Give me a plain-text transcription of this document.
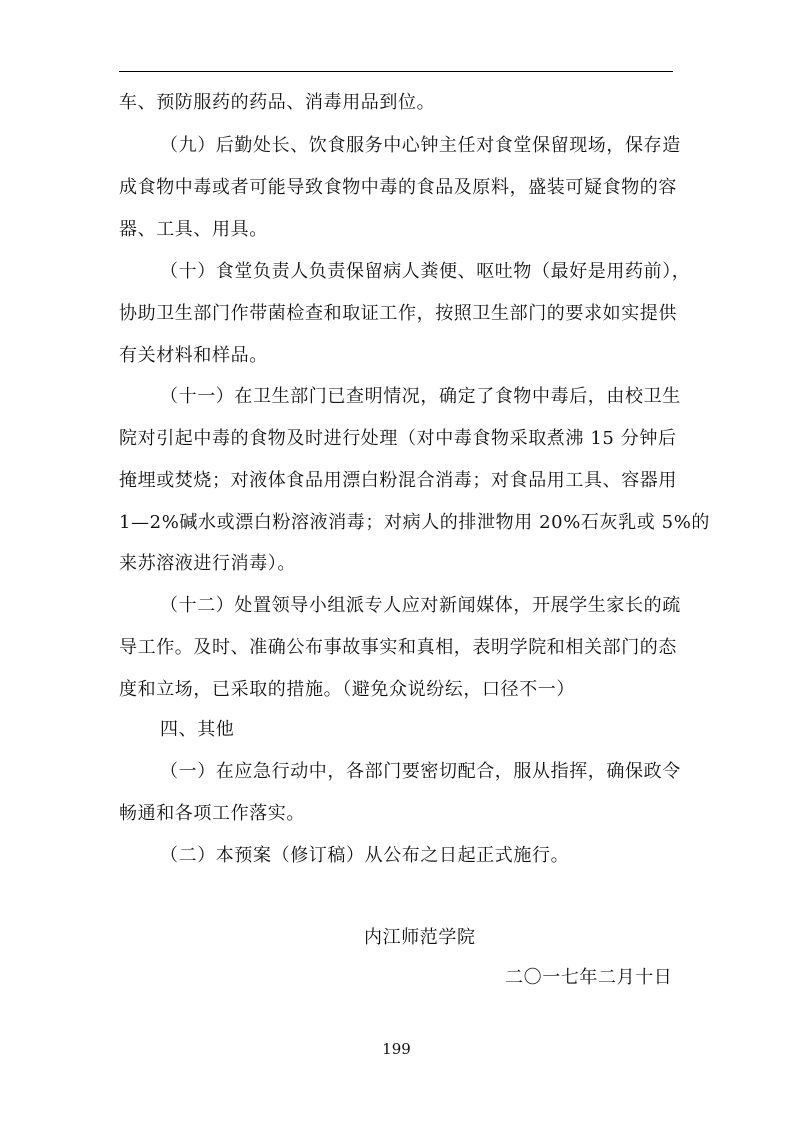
车、预防服药的药品、消毒用品到位。
（九）后勤处长、饮食服务中心钟主任对食堂保留现场，保存造
成食物中毒或者可能导致食物中毒的食品及原料，盛装可疑食物的容
器、工具、用具。
（十）食堂负责人负责保留病人粪便、呕吐物（最好是用药前），
协助卫生部门作带菌检查和取证工作，按照卫生部门的要求如实提供
有关材料和样品。
（十一）在卫生部门已查明情况，确定了食物中毒后，由校卫生
院对引起中毒的食物及时进行处理（对中毒食物采取煮沸 15 分钟后
掩埋或焚烧；对液体食品用漂白粉混合消毒；对食品用工具、容器用
1—2%碱水或漂白粉溶液消毒；对病人的排泄物用 20%石灰乳或 5%的
来苏溶液进行消毒）。
（十二）处置领导小组派专人应对新闻媒体，开展学生家长的疏
导工作。及时、准确公布事故事实和真相，表明学院和相关部门的态
度和立场，已采取的措施。（避免众说纷纭，口径不一）
四、其他
（一）在应急行动中，各部门要密切配合，服从指挥，确保政令
畅通和各项工作落实。
（二）本预案（修订稿）从公布之日起正式施行。
内江师范学院
二〇一七年二月十日
199
